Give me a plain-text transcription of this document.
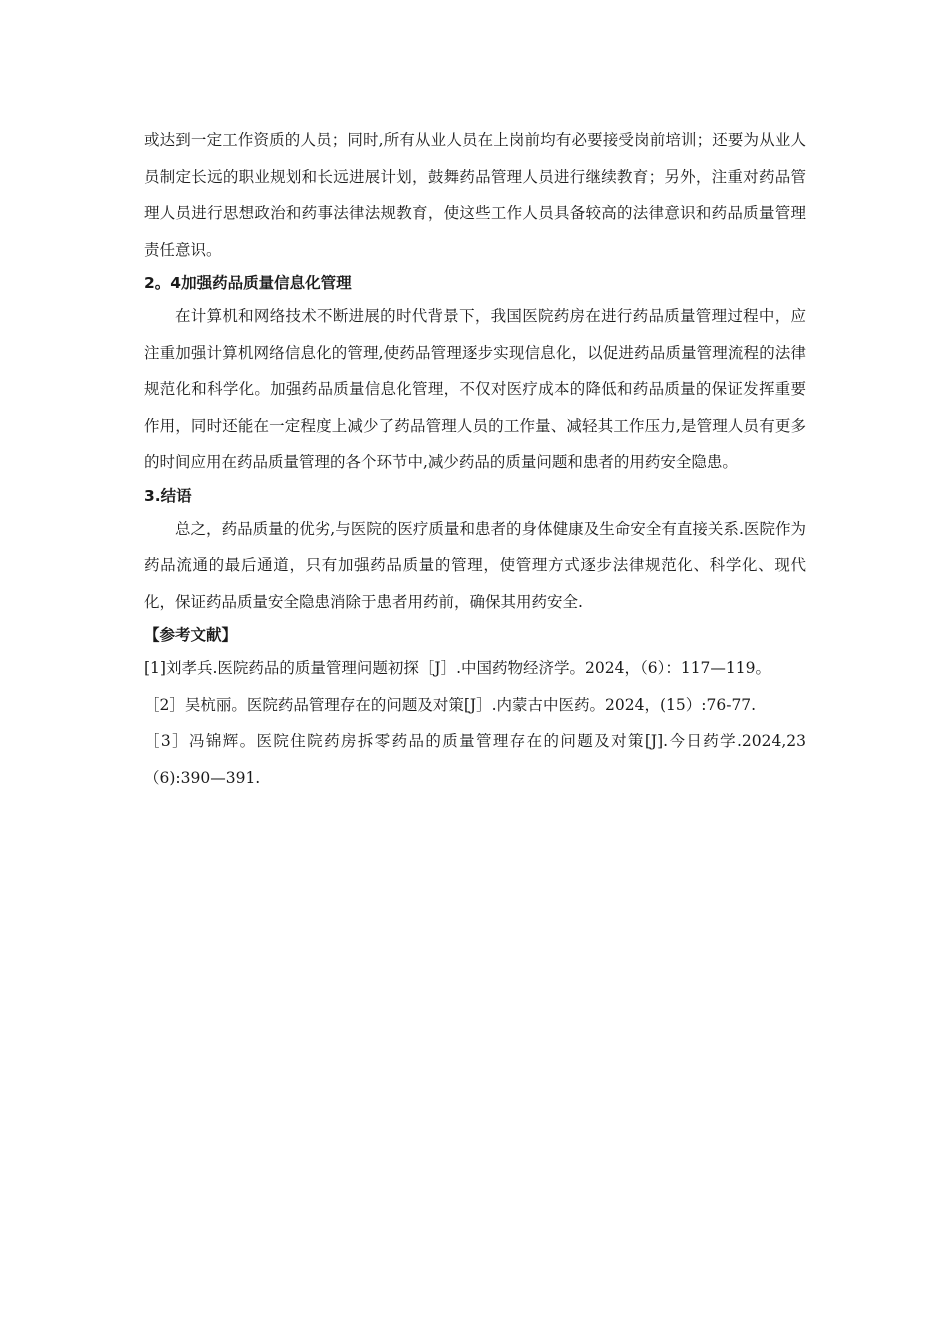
或达到一定工作资质的人员；同时,所有从业人员在上岗前均有必要接受岗前培训；还要为从业人员制定长远的职业规划和长远进展计划，鼓舞药品管理人员进行继续教育；另外，注重对药品管理人员进行思想政治和药事法律法规教育，使这些工作人员具备较高的法律意识和药品质量管理责任意识。

2。4加强药品质量信息化管理

在计算机和网络技术不断进展的时代背景下，我国医院药房在进行药品质量管理过程中，应注重加强计算机网络信息化的管理,使药品管理逐步实现信息化，以促进药品质量管理流程的法律规范化和科学化。加强药品质量信息化管理，不仅对医疗成本的降低和药品质量的保证发挥重要作用，同时还能在一定程度上减少了药品管理人员的工作量、减轻其工作压力,是管理人员有更多的时间应用在药品质量管理的各个环节中,减少药品的质量问题和患者的用药安全隐患。

3.结语

总之，药品质量的优劣,与医院的医疗质量和患者的身体健康及生命安全有直接关系.医院作为药品流通的最后通道，只有加强药品质量的管理，使管理方式逐步法律规范化、科学化、现代化，保证药品质量安全隐患消除于患者用药前，确保其用药安全.

【参考文献】

[1]刘孝兵.医院药品的质量管理问题初探［J］.中国药物经济学。2024，（6）：117—119。

［2］吴杭丽。医院药品管理存在的问题及对策[J］.内蒙古中医药。2024，(15）:76-77.

［3］冯锦辉。医院住院药房拆零药品的质量管理存在的问题及对策[J].今日药学.2024,23（6):390—391.
